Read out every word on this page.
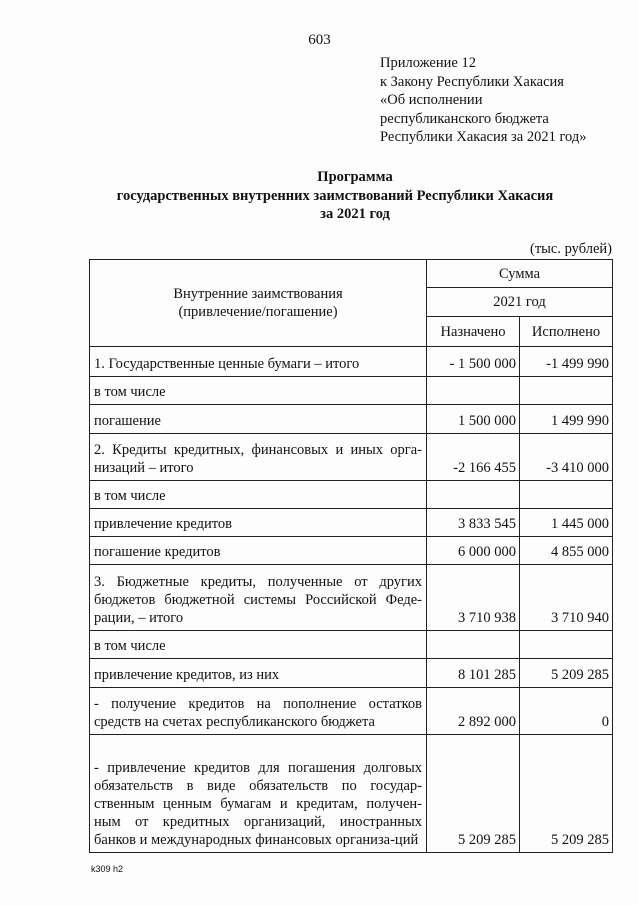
603
Приложение 12
к Закону Республики Хакасия
«Об исполнении
республиканского бюджета
Республики Хакасия за 2021 год»
Программа
государственных внутренних заимствований Республики Хакасия
за 2021 год
(тыс. рублей)
Внутренние заимствования
(привлечение/погашение)	Сумма	
	2021 год	
	Назначено	Исполнено
1. Государственные ценные бумаги – итого	- 1 500 000	-1 499 990
в том числе		
погашение	1 500 000	1 499 990
2. Кредиты кредитных, финансовых и иных орга-низаций – итого	-2 166 455	-3 410 000
в том числе		
привлечение кредитов	3 833 545	1 445 000
погашение кредитов	6 000 000	4 855 000
3. Бюджетные кредиты, полученные от других бюджетов бюджетной системы Российской Феде-рации, – итого	3 710 938	3 710 940
в том числе		
привлечение кредитов, из них	8 101 285	5 209 285
- получение кредитов на пополнение остатков средств на счетах республиканского бюджета	2 892 000	0
- привлечение кредитов для погашения долговых обязательств в виде обязательств по государ-ственным ценным бумагам и кредитам, получен-ным от кредитных организаций, иностранных банков и международных финансовых организа-ций	5 209 285	5 209 285
k309 h2
